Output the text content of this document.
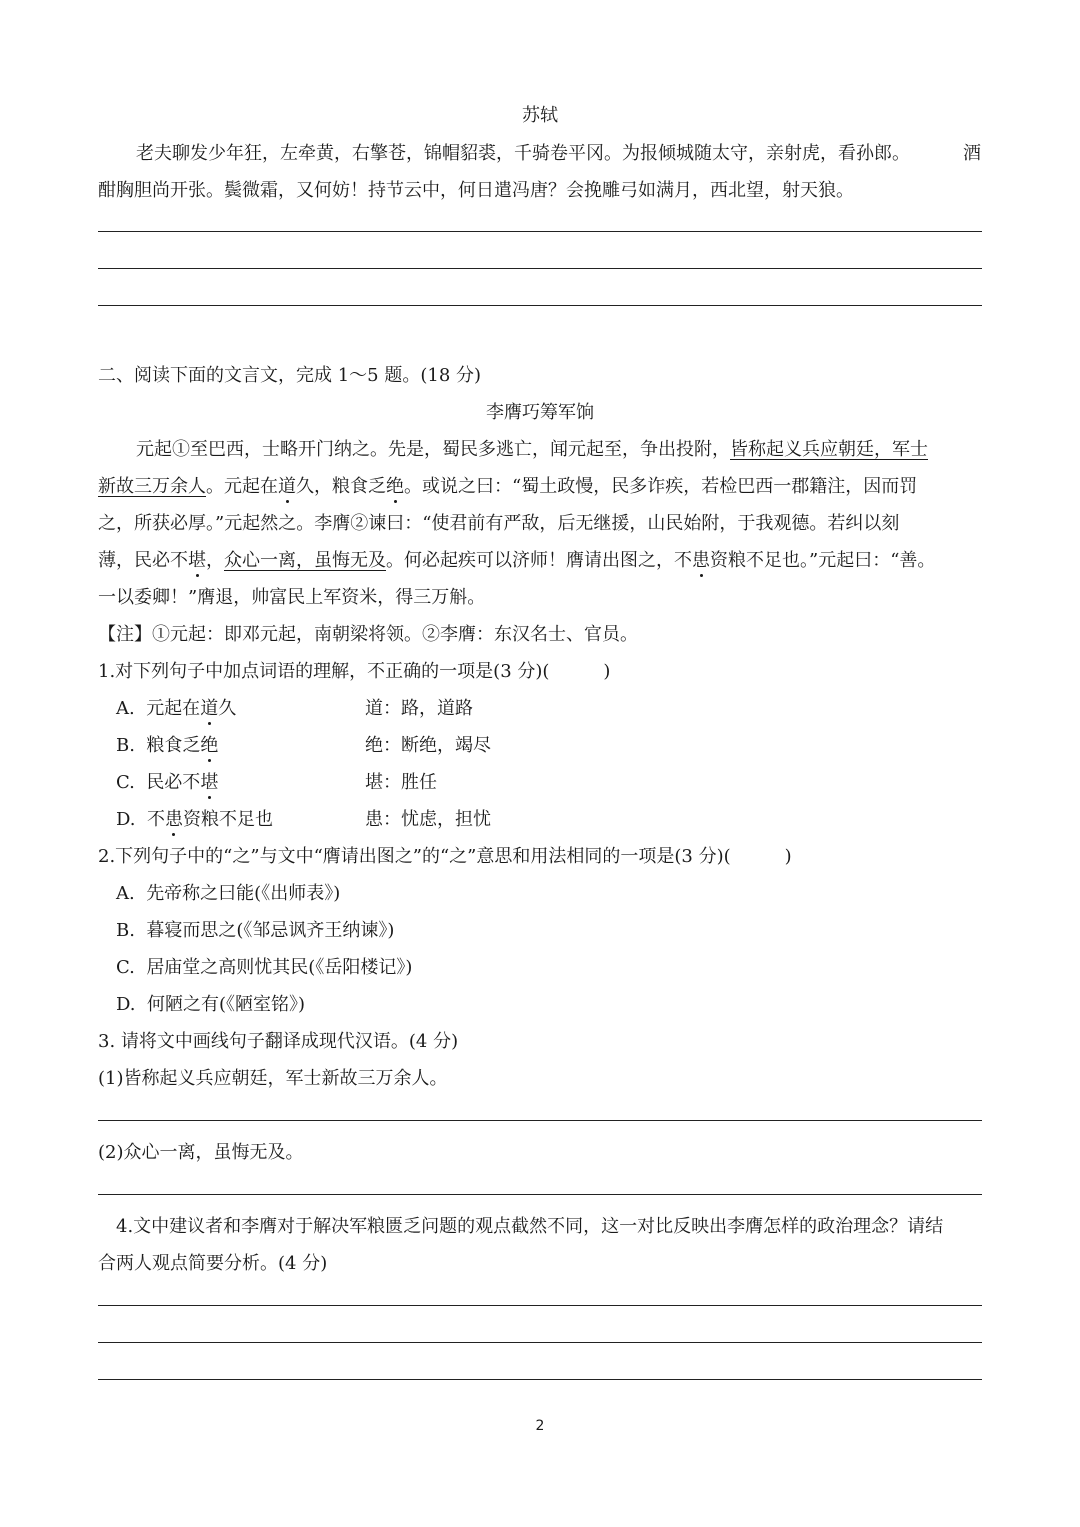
苏轼
老夫聊发少年狂，左牵黄，右擎苍，锦帽貂裘，千骑卷平冈。为报倾城随太守，亲射虎，看孙郎。	酒
酣胸胆尚开张。鬓微霜，又何妨！持节云中，何日遣冯唐？会挽雕弓如满月，西北望，射天狼。
二、阅读下面的文言文，完成 1～5 题。(18 分)
李膺巧筹军饷
元起①至巴西，士略开门纳之。先是，蜀民多逃亡，闻元起至，争出投附，皆称起义兵应朝廷，军士
新故三万余人。元起在道久，粮食乏绝。或说之曰：“蜀土政慢，民多诈疾，若检巴西一郡籍注，因而罚
之，所获必厚。”元起然之。李膺②谏曰：“使君前有严敌，后无继援，山民始附，于我观德。若纠以刻
薄，民必不堪，众心一离，虽悔无及。何必起疾可以济师！膺请出图之，不患资粮不足也。”元起曰：“善。
一以委卿！”膺退，帅富民上军资米，得三万斛。
【注】①元起：即邓元起，南朝梁将领。②李膺：东汉名士、官员。
1.对下列句子中加点词语的理解，不正确的一项是(3 分)(　　　)
A. 元起在道久	道：路，道路
B. 粮食乏绝	绝：断绝，竭尽
C. 民必不堪	堪：胜任
D. 不患资粮不足也	患：忧虑，担忧
2.下列句子中的“之”与文中“膺请出图之”的“之”意思和用法相同的一项是(3 分)(　　　)
A. 先帝称之曰能(《出师表》)
B. 暮寝而思之(《邹忌讽齐王纳谏》)
C. 居庙堂之高则忧其民(《岳阳楼记》)
D. 何陋之有(《陋室铭》)
3. 请将文中画线句子翻译成现代汉语。(4 分)
(1)皆称起义兵应朝廷，军士新故三万余人。
(2)众心一离，虽悔无及。
4.文中建议者和李膺对于解决军粮匮乏问题的观点截然不同，这一对比反映出李膺怎样的政治理念？请结
合两人观点简要分析。(4 分)
2
